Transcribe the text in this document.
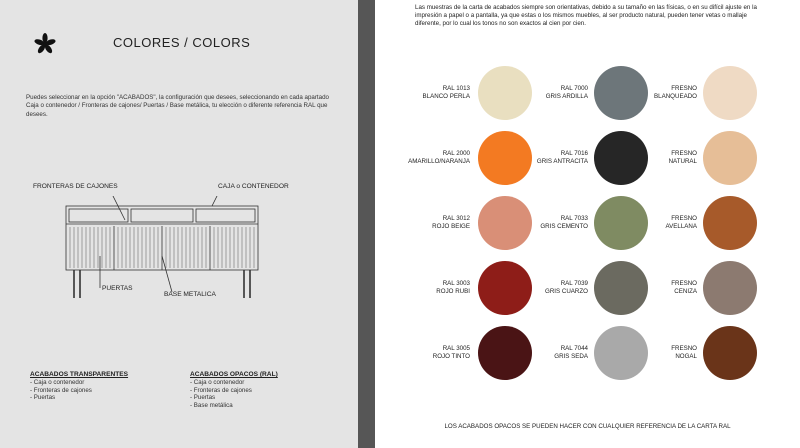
COLORES / COLORS
Puedes seleccionar en la opción "ACABADOS", la configuración que desees, seleccionando en cada apartado Caja o contenedor / Fronteras de cajones/ Puertas / Base metálica, tu elección o diferente referencia RAL que desees.
FRONTERAS DE CAJONES	CAJA o CONTENEDOR
PUERTAS
BASE METALICA
ACABADOS TRANSPARENTES
- Caja o contenedor
- Fronteras de cajones
- Puertas
ACABADOS OPACOS (RAL)
- Caja o contenedor
- Fronteras de cajones
- Puertas
- Base metálica
Las muestras de la carta de acabados siempre son orientativas, debido a su tamaño en las físicas, o en su difícil ajuste en la impresión a papel o a pantalla, ya que estas o los mismos muebles, al ser producto natural, pueden tener vetas o mallaje diferente, por lo cual los tonos no son exactos al cien por cien.
RAL 1013
BLANCO PERLA
RAL 7000
GRIS ARDILLA
FRESNO
BLANQUEADO
RAL 2000
AMARILLO/NARANJA
RAL 7016
GRIS ANTRACITA
FRESNO
NATURAL
RAL 3012
ROJO BEIGE
RAL 7033
GRIS CEMENTO
FRESNO
AVELLANA
RAL 3003
ROJO RUBI
RAL 7039
GRIS CUARZO
FRESNO
CENIZA
RAL 3005
ROJO TINTO
RAL 7044
GRIS SEDA
FRESNO
NOGAL
LOS ACABADOS OPACOS SE PUEDEN HACER CON CUALQUIER REFERENCIA DE LA CARTA RAL
